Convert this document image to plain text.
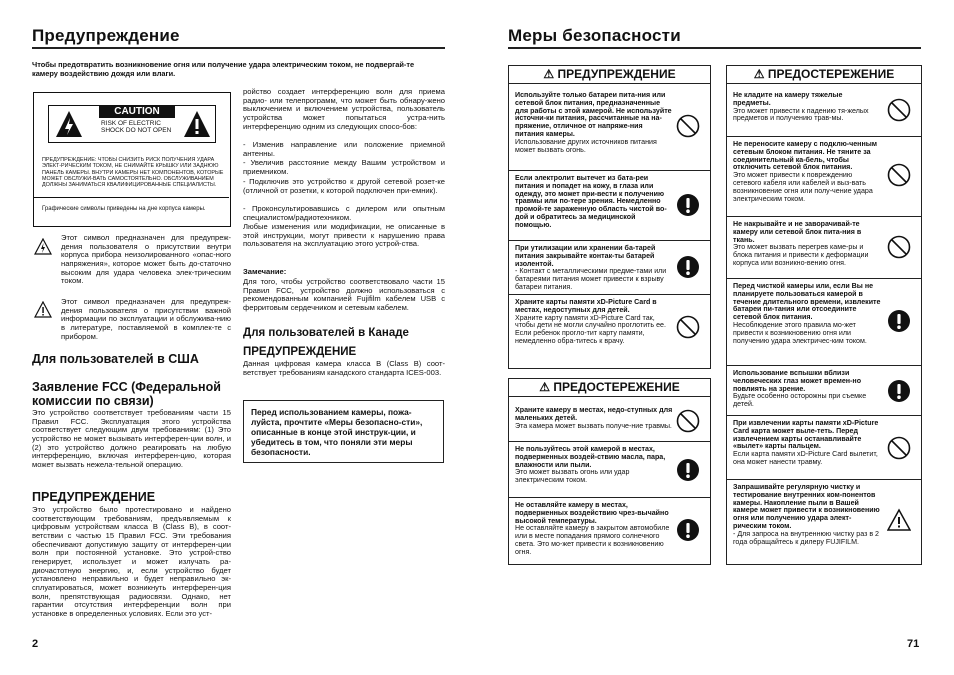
Предупреждение
Чтобы предотвратить возникновение огня или получение удара электрическим током, не подвергай-те камеру воздействию дождя или влаги.
CAUTION
RISK OF ELECTRIC SHOCK DO NOT OPEN
ПРЕДУПРЕЖДЕНИЕ: ЧТОБЫ СНИЗИТЬ РИСК ПОЛУЧЕНИЯ УДАРА ЭЛЕКТ-РИЧЕСКИМ ТОКОМ, НЕ СНИМАЙТЕ КРЫШКУ ИЛИ ЗАДНЮЮ ПАНЕЛЬ КАМЕРЫ. ВНУТРИ КАМЕРЫ НЕТ КОМПОНЕНТОВ, КОТОРЫЕ МОЖЕТ ОБСЛУЖИ-ВАТЬ САМОСТОЯТЕЛЬНО. ОБСЛУЖИВАНИЕМ ДОЛЖНЫ ЗАНИМАТЬСЯ КВАЛИФИЦИРОВАННЫЕ СПЕЦИАЛИСТЫ.
Графические символы приведены на дне корпуса камеры.
Этот символ предназначен для предупреж-дения пользователя о присутствии внутри корпуса прибора неизолированного «опас-ного напряжения», которое может быть до-статочно высоким для удара человека элек-трическим током.
Этот символ предназначен для предупреж-дения пользователя о присутствии важной информации по эксплуатации и обслужива-нию в литературе, поставляемой в комплек-те с прибором.
Для пользователей в США
Заявление FCC (Федеральной комиссии по связи)
Это устройство соответствует требованиям части 15 Правил FCC. Эксплуатация этого устройства соответствует следующим двум требованиям: (1) Это устройство не может вызывать интерферен-ции волн, и (2) это устройство должно реагировать на любую интерференцию, включая интерферен-цию, которая может вызвать нежела-тельной операцию.
ПРЕДУПРЕЖДЕНИЕ
Это устройство было протестировано и найдено соответствующим требованиям, предъявляемым к цифровым устройствам класса B (Class B), в соот-ветствии с частью 15 Правил FCC. Эти требования обеспечивают допустимую защиту от интерферен-ции волн при постоянной установке. Это устрой-ство генерирует, использует и может излучать ра-диочастотную энергию, и, если устройство будет установлено неправильно и будет неправильно эк-сплуатироваться, может возникнуть интерферен-ция волн, препятствующая радиосвязи. Однако, нет гарантии отсутствия интерференции волн при установке в определенных условиях. Если это уст-
ройство создает интерференцию волн для приема радио- или телепрограмм, что может быть обнару-жено выключением и включением устройства, пользователь устройства может попытаться устра-нить интерференцию одним из следующих спосо-бов:
- Изменив направление или положение приемной антенны.
- Увеличив расстояние между Вашим устройством и приемником.
- Подключив это устройство к другой сетевой розет-ке (отличной от розетки, к которой подключен при-емник).
- Проконсультировавшись с дилером или опытным специалистом/радиотехником.
Любые изменения или модификации, не описанные в этой инструкции, могут привести к нарушению права пользователя на эксплуатацию этого устрой-ства.
Замечание:
Для того, чтобы устройство соответствовало части 15 Правил FCC, устройство должно использоваться с рекомендованным компанией Fujifilm кабелем USB с ферритовым сердечником и сетевым кабелем.
Для пользователей в Канаде
ПРЕДУПРЕЖДЕНИЕ
Данная цифровая камера класса B (Class B) соот-ветствует требованиям канадского стандарта ICES-003.
Перед использованием камеры, пожа-луйста, прочтите «Меры безопасно-сти», описанные в конце этой инструк-ции, и убедитесь в том, что поняли эти меры безопасности.
2
Меры безопасности
⚠ ПРЕДУПРЕЖДЕНИЕ
Используйте только батареи пита-ния или сетевой блок питания, предназначенные для работы с этой камерой. Не используйте источни-ки питания, рассчитанные на на-пряжение, отличное от напряже-ния питания камеры.
Использование других источников питания может вызвать огонь.
Если электролит вытечет из бата-реи питания и попадет на кожу, в глаза или одежду, это может при-вести к получению травмы или по-тере зрения. Немедленно промой-те зараженную область чистой во-дой и обратитесь за медицинской помощью.
При утилизации или хранении ба-тарей питания закрывайте контак-ты батарей изолентой.
- Контакт с металлическими предме-тами или батареями питания может привести к взрыву батареи питания.
Храните карты памяти xD-Picture Card в местах, недоступных для детей.
Храните карту памяти xD-Picture Card так, чтобы дети не могли случайно проглотить ее. Если ребенок прогло-тит карту памяти, немедленно обра-титесь к врачу.
⚠ ПРЕДОСТЕРЕЖЕНИЕ
Храните камеру в местах, недо-ступных для маленьких детей.
Эта камера может вызвать получе-ние травмы.
Не пользуйтесь этой камерой в местах, подверженных воздей-ствию масла, пара, влажности или пыли.
Это может вызвать огонь или удар электрическим током.
Не оставляйте камеру в местах, подверженных воздействию чрез-вычайно высокой температуры.
Не оставляйте камеру в закрытом автомобиле или в месте попадания прямого солнечного света. Это мо-жет привести к возникновению огня.
⚠ ПРЕДОСТЕРЕЖЕНИЕ
Не кладите на камеру тяжелые предметы.
Это может привести к падению тя-желых предметов и получению трав-мы.
Не переносите камеру с подклю-ченным сетевым блоком питания. Не тяните за соединительный ка-бель, чтобы отключить сетевой блок питания.
Это может привести к повреждению сетевого кабеля или кабелей и выз-вать возникновение огня или полу-чение удара электрическим током.
Не накрывайте и не заворачивай-те камеру или сетевой блок пита-ния в ткань.
Это может вызвать перегрев каме-ры и блока питания и привести к деформации корпуса или возникно-вению огня.
Перед чисткой камеры или, если Вы не планируете пользоваться камерой в течение длительного времени, извлеките батареи пи-тания или отсоедините сетевой блок питания.
Несоблюдение этого правила мо-жет привести к возникновению огня или получению удара электричес-ким током.
Использование вспышки вблизи человеческих глаз может времен-но повлиять на зрение.
Будьте особенно осторожны при съемке детей.
При извлечении карты памяти xD-Picture Card карта может выле-теть. Перед извлечением карты останавливайте «вылет» карты пальцем.
Если карта памяти xD-Picture Card вылетит, она может нанести травму.
Запрашивайте регулярную чистку и тестирование внутренних ком-понентов камеры. Накопление пыли в Вашей камере может привести к возникновению огня или получению удара элект-рическим током.
- Для запроса на внутреннюю чистку раз в 2 года обращайтесь к дилеру FUJIFILM.
71
